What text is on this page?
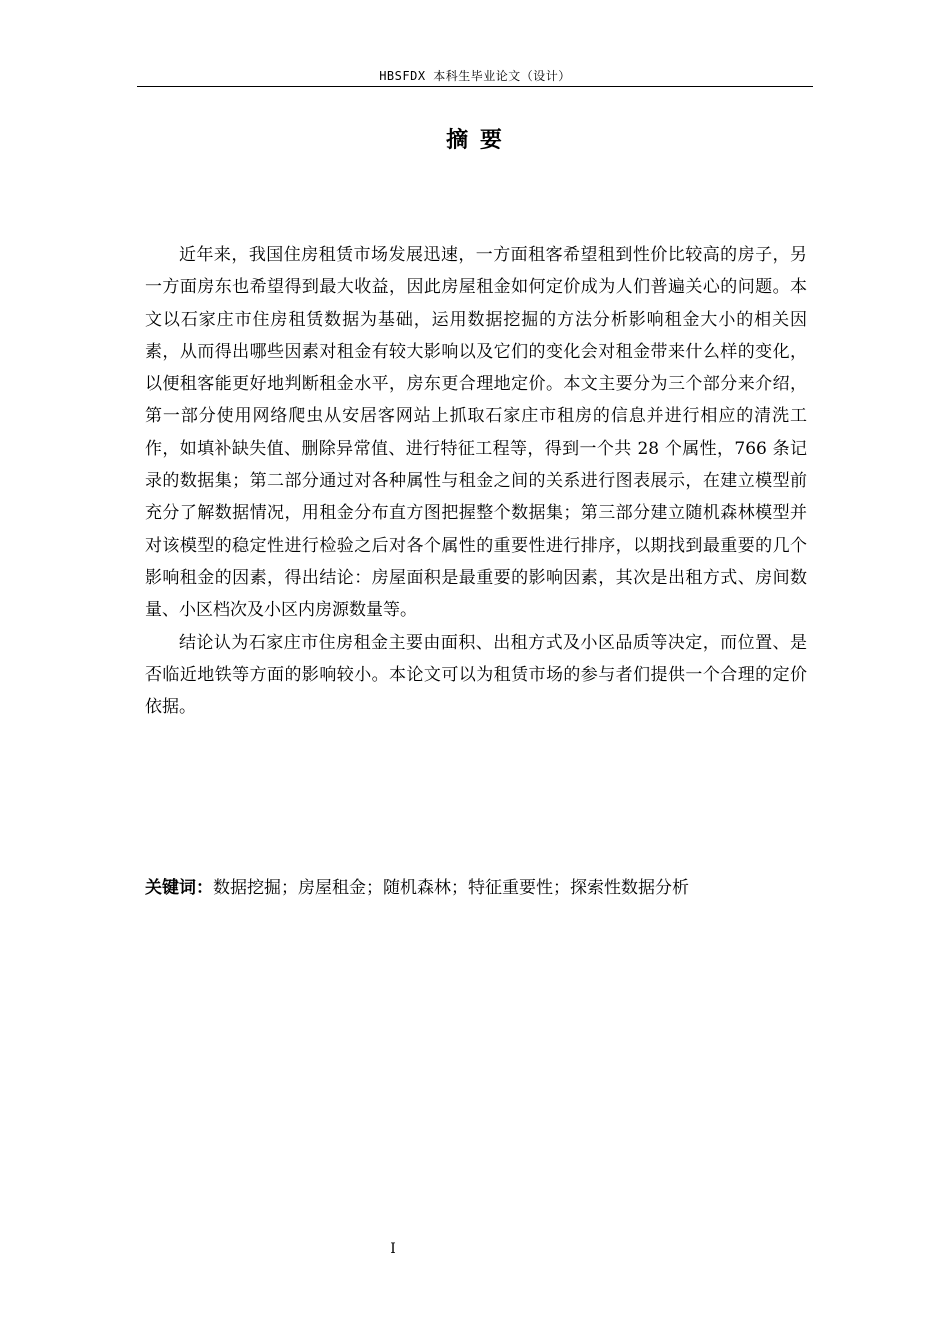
HBSFDX 本科生毕业论文（设计）
摘 要

近年来，我国住房租赁市场发展迅速，一方面租客希望租到性价比较高的房子，另一方面房东也希望得到最大收益，因此房屋租金如何定价成为人们普遍关心的问题。本文以石家庄市住房租赁数据为基础，运用数据挖掘的方法分析影响租金大小的相关因素，从而得出哪些因素对租金有较大影响以及它们的变化会对租金带来什么样的变化，以便租客能更好地判断租金水平，房东更合理地定价。本文主要分为三个部分来介绍，第一部分使用网络爬虫从安居客网站上抓取石家庄市租房的信息并进行相应的清洗工作，如填补缺失值、删除异常值、进行特征工程等，得到一个共 28 个属性，766 条记录的数据集；第二部分通过对各种属性与租金之间的关系进行图表展示，在建立模型前充分了解数据情况，用租金分布直方图把握整个数据集；第三部分建立随机森林模型并对该模型的稳定性进行检验之后对各个属性的重要性进行排序，以期找到最重要的几个影响租金的因素，得出结论：房屋面积是最重要的影响因素，其次是出租方式、房间数量、小区档次及小区内房源数量等。

结论认为石家庄市住房租金主要由面积、出租方式及小区品质等决定，而位置、是否临近地铁等方面的影响较小。本论文可以为租赁市场的参与者们提供一个合理的定价依据。

关键词：数据挖掘；房屋租金；随机森林；特征重要性；探索性数据分析
I
